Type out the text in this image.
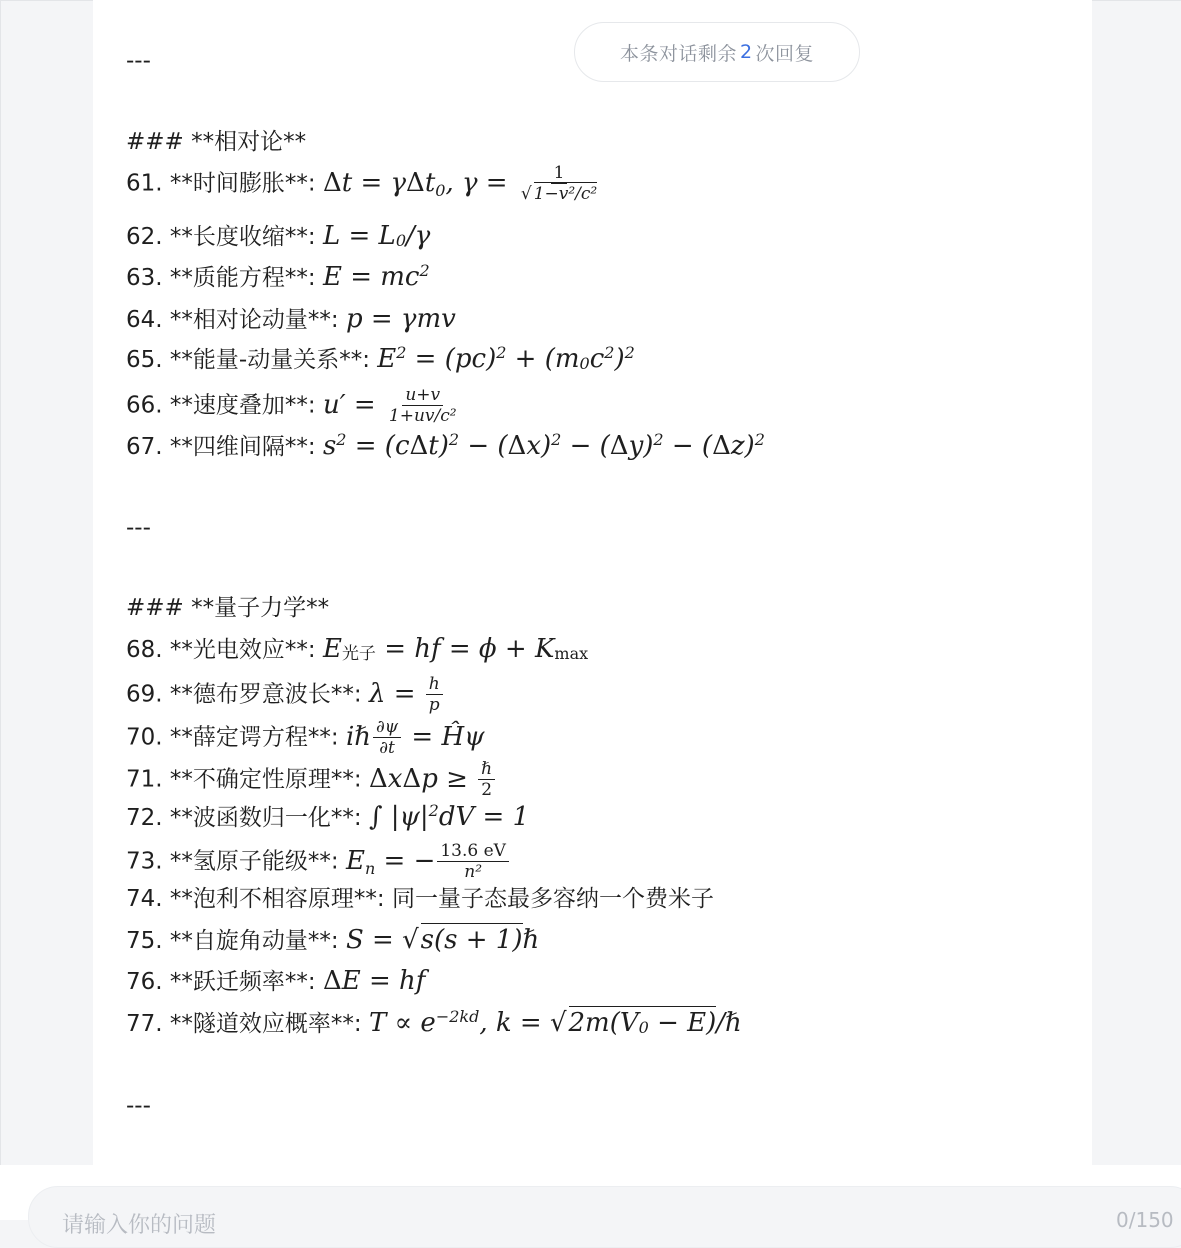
本条对话剩余 2 次回复
---
### **相对论**
61. **时间膨胀**: Δt = γΔt$_0$, $\gamma = \frac{1}{\text{√ 1−v²/c²}}$
62. **长度收缩**: $L = L_0/\gamma$
63. **质能方程**: $E = mc^2$
64. **相对论动量**: p = γmv
65. **能量-动量关系**: $E^2 = (pc)^2 + (m_0c^2)^2$
66. **速度叠加**: $u' = \frac{u+v}{\text{1+uv/c²}}$
67. **四维间隔**: $s^2 = (c\Delta t)^2 - (\Delta x)^2 - (\Delta y)^2 - (\Delta z)^2$
---
### **量子力学**
68. **光电效应**: $E_{光子}$ = hf = $\phi + K_{max}$
69. **德布罗意波长**: $\lambda = \frac{h}{p}$
70. **薛定谔方程**: iℏ $\frac{\partial\psi}{\partial t}$ = Ĥψ
71. **不确定性原理**: $\Delta x\Delta p \ge \frac{\text{ℏ}}{2}$
72. **波函数归一化**: ∫ $|\psi|^2dV = 1$
73. **氢原子能级**: $E_n$ = − $\frac{13.6 eV}{\text{n²}}$
74. **泡利不相容原理**: 同一量子态最多容纳一个费米子
75. **自旋角动量**: S = √s(s + 1)ℏ
76. **跃迁频率**: ΔE = hf
77. **隧道效应概率**: $T \propto e^{-2kd}$, $k = √2m(V_0$ − E)/ℏ
---
请输入你的问题	0/150
